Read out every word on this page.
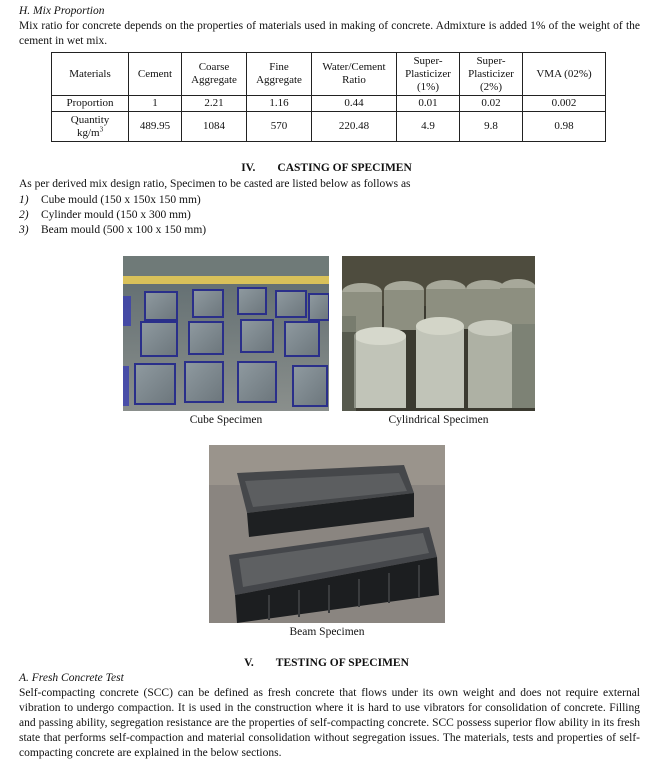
H. Mix Proportion

Mix ratio for concrete depends on the properties of materials used in making of concrete. Admixture is added 1% of the weight of the cement in wet mix.

Materials	Cement	Coarse Aggregate	Fine Aggregate	Water/Cement Ratio	Super-Plasticizer (1%)	Super-Plasticizer (2%)	VMA (02%)
Proportion	1	2.21	1.16	0.44	0.01	0.02	0.002
Quantity
$kg/m^3$	489.95	1084	570	220.48	4.9	9.8	0.98
IV. CASTING OF SPECIMEN

As per derived mix design ratio, Specimen to be casted are listed below as follows as

1) Cube mould (150 x 150x 150 mm)
2) Cylinder mould (150 x 300 mm)
3) Beam mould (500 x 100 x 150 mm)

Cube Specimen	Cylindrical Specimen

Beam Specimen

V. TESTING OF SPECIMEN

A. Fresh Concrete Test

Self-compacting concrete (SCC) can be defined as fresh concrete that flows under its own weight and does not require external vibration to undergo compaction. It is used in the construction where it is hard to use vibrators for consolidation of concrete. Filling and passing ability, segregation resistance are the properties of self-compacting concrete. SCC possess superior flow ability in its fresh state that performs self-compaction and material consolidation without segregation issues. The materials, tests and properties of self-compacting concrete are explained in the below sections.
